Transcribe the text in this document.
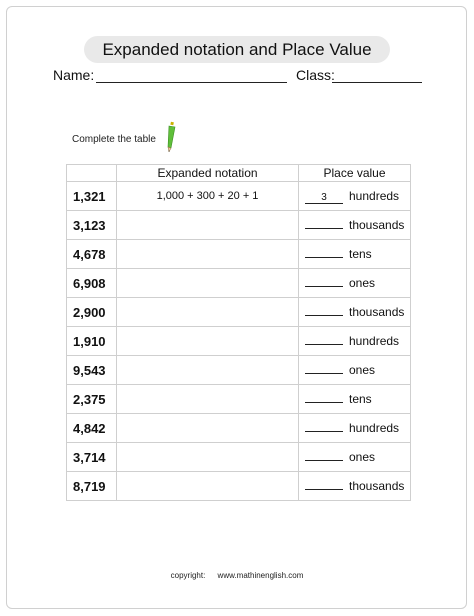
Expanded notation and Place Value
Name:	Class:
Complete the table
	Expanded notation	Place value
1,321	1,000 + 300 + 20 + 1	3 hundreds
3,123		thousands
4,678		tens
6,908		ones
2,900		thousands
1,910		hundreds
9,543		ones
2,375		tens
4,842		hundreds
3,714		ones
8,719		thousands
copyright: www.mathinenglish.com
